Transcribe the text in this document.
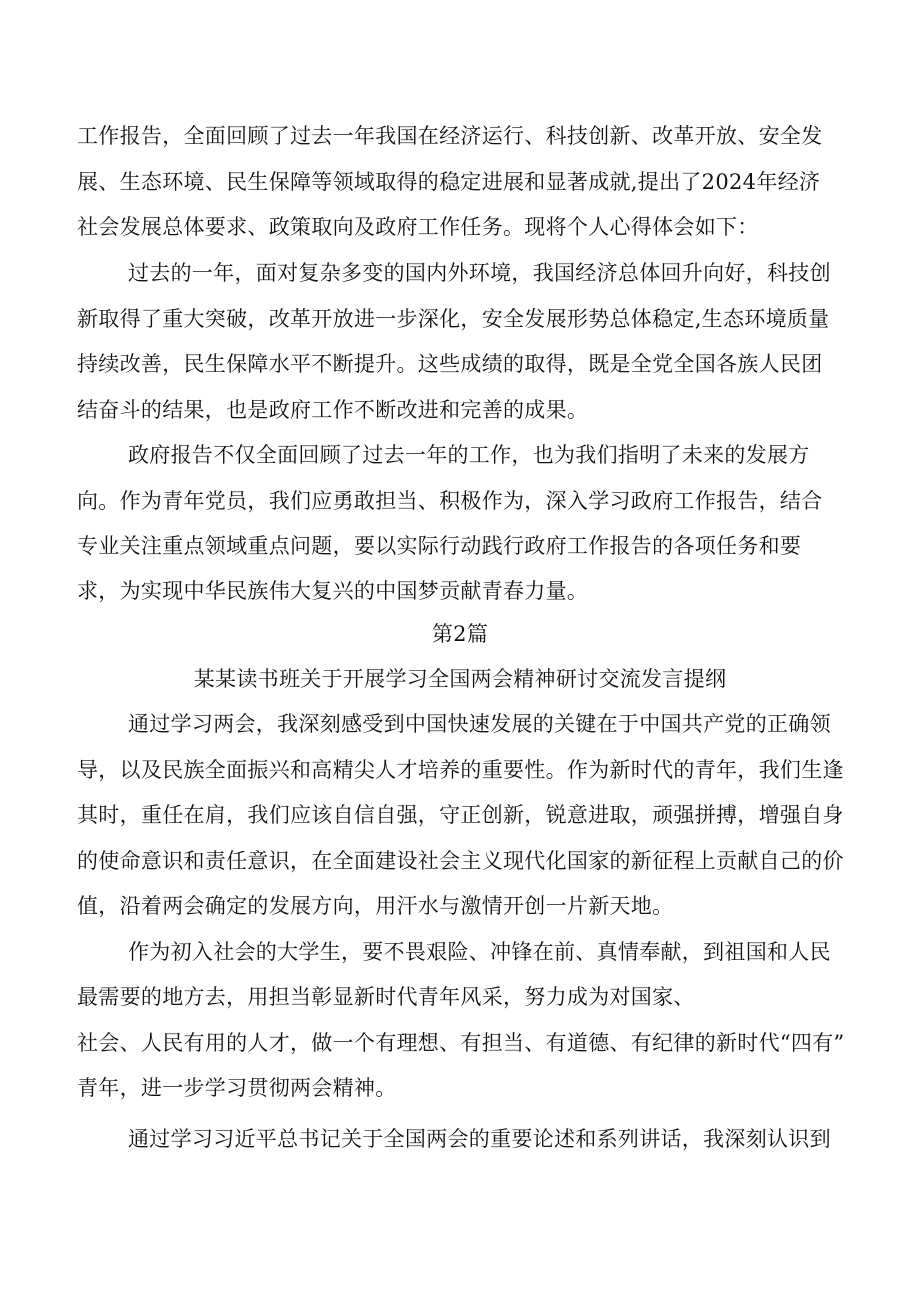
工作报告，全面回顾了过去一年我国在经济运行、科技创新、改革开放、安全发

展、生态环境、民生保障等领域取得的稳定进展和显著成就,提出了2024年经济

社会发展总体要求、政策取向及政府工作任务。现将个人心得体会如下：

过去的一年，面对复杂多变的国内外环境，我国经济总体回升向好，科技创

新取得了重大突破，改革开放进一步深化，安全发展形势总体稳定,生态环境质量

持续改善，民生保障水平不断提升。这些成绩的取得，既是全党全国各族人民团

结奋斗的结果，也是政府工作不断改进和完善的成果。

政府报告不仅全面回顾了过去一年的工作，也为我们指明了未来的发展方

向。作为青年党员，我们应勇敢担当、积极作为，深入学习政府工作报告，结合

专业关注重点领域重点问题，要以实际行动践行政府工作报告的各项任务和要

求，为实现中华民族伟大复兴的中国梦贡献青春力量。

第2篇

某某读书班关于开展学习全国两会精神研讨交流发言提纲

通过学习两会，我深刻感受到中国快速发展的关键在于中国共产党的正确领

导，以及民族全面振兴和高精尖人才培养的重要性。作为新时代的青年，我们生逢

其时，重任在肩，我们应该自信自强，守正创新，锐意进取，顽强拼搏，增强自身

的使命意识和责任意识，在全面建设社会主义现代化国家的新征程上贡献自己的价

值，沿着两会确定的发展方向，用汗水与激情开创一片新天地。

作为初入社会的大学生，要不畏艰险、冲锋在前、真情奉献，到祖国和人民

最需要的地方去，用担当彰显新时代青年风采，努力成为对国家、

社会、人民有用的人才，做一个有理想、有担当、有道德、有纪律的新时代“四有”

青年，进一步学习贯彻两会精神。

通过学习习近平总书记关于全国两会的重要论述和系列讲话，我深刻认识到
